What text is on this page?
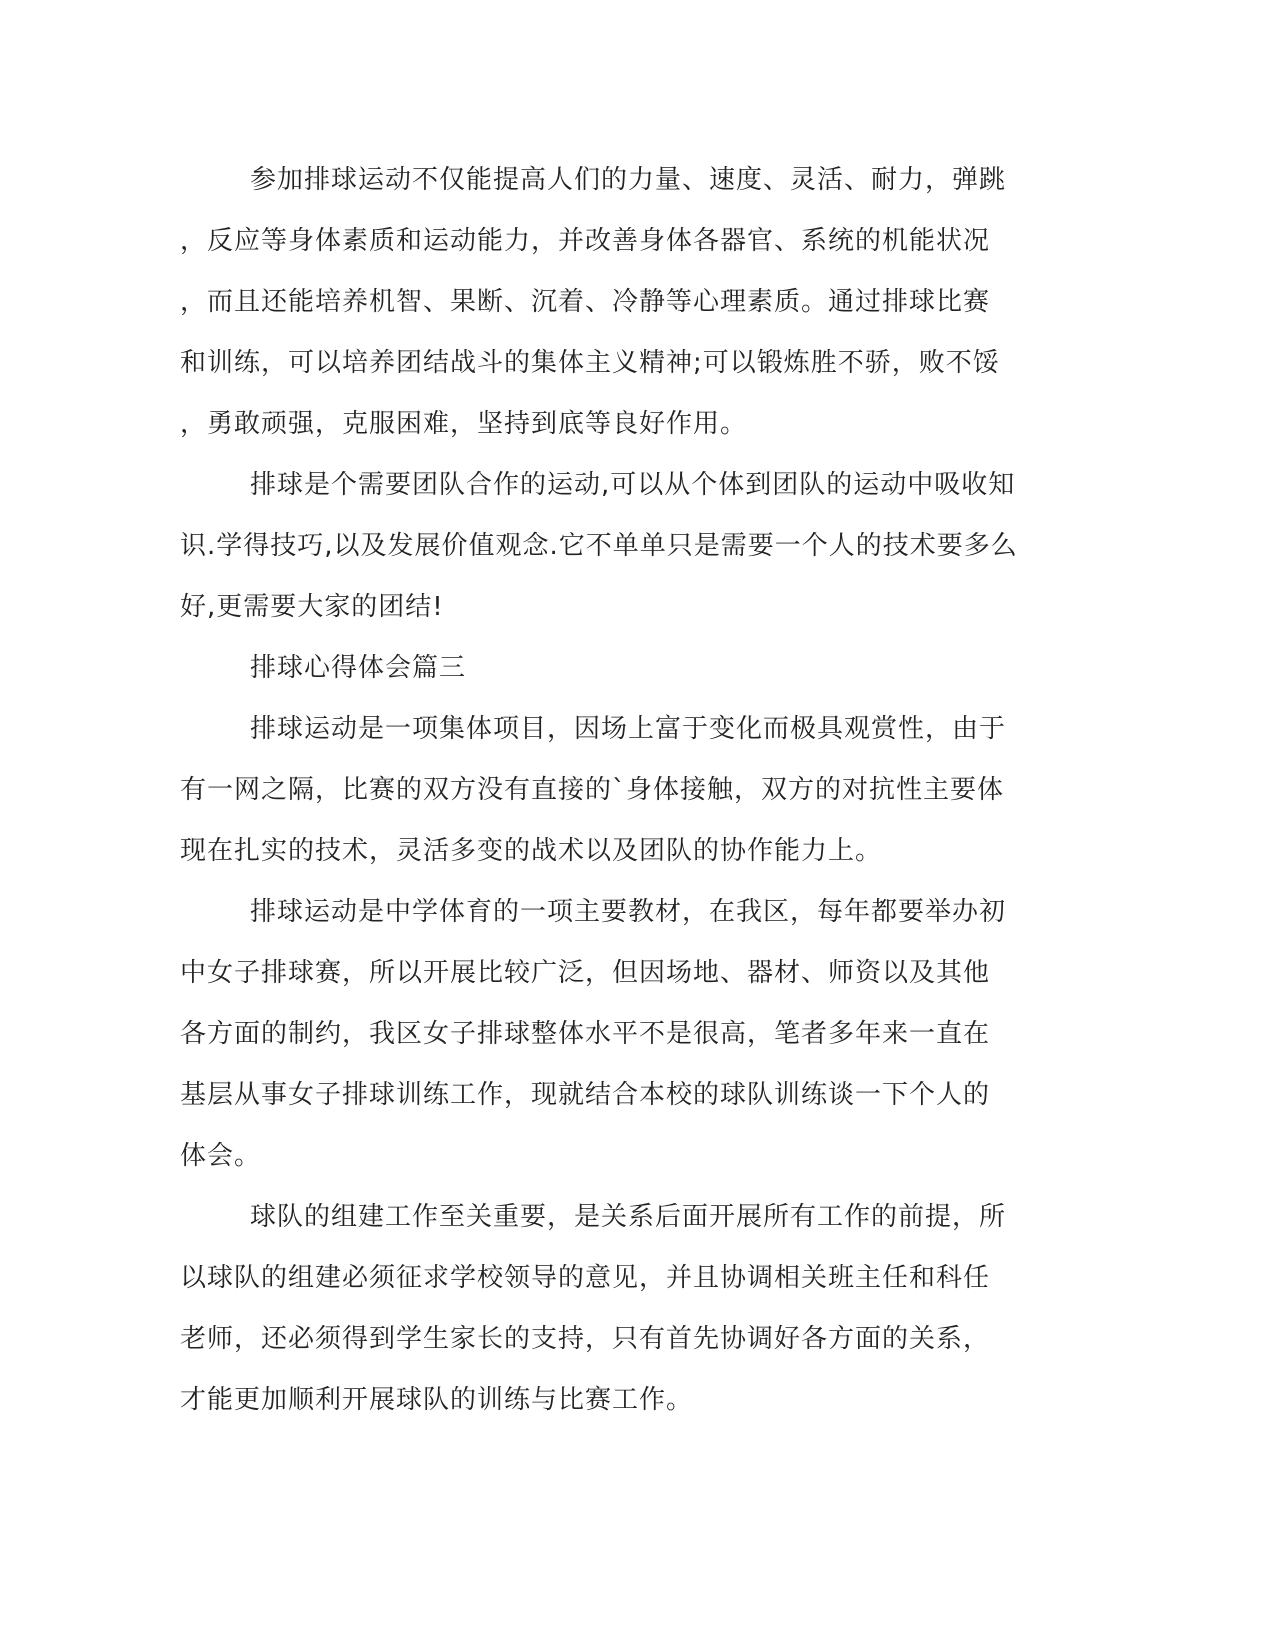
参加排球运动不仅能提高人们的力量、速度、灵活、耐力，弹跳
，反应等身体素质和运动能力，并改善身体各器官、系统的机能状况
，而且还能培养机智、果断、沉着、冷静等心理素质。通过排球比赛
和训练，可以培养团结战斗的集体主义精神;可以锻炼胜不骄，败不馁
，勇敢顽强，克服困难，坚持到底等良好作用。

排球是个需要团队合作的运动,可以从个体到团队的运动中吸收知
识.学得技巧,以及发展价值观念.它不单单只是需要一个人的技术要多么
好,更需要大家的团结!

排球心得体会篇三

排球运动是一项集体项目，因场上富于变化而极具观赏性，由于
有一网之隔，比赛的双方没有直接的`身体接触，双方的对抗性主要体
现在扎实的技术，灵活多变的战术以及团队的协作能力上。

排球运动是中学体育的一项主要教材，在我区，每年都要举办初
中女子排球赛，所以开展比较广泛，但因场地、器材、师资以及其他
各方面的制约，我区女子排球整体水平不是很高，笔者多年来一直在
基层从事女子排球训练工作，现就结合本校的球队训练谈一下个人的
体会。

球队的组建工作至关重要，是关系后面开展所有工作的前提，所
以球队的组建必须征求学校领导的意见，并且协调相关班主任和科任
老师，还必须得到学生家长的支持，只有首先协调好各方面的关系，
才能更加顺利开展球队的训练与比赛工作。
